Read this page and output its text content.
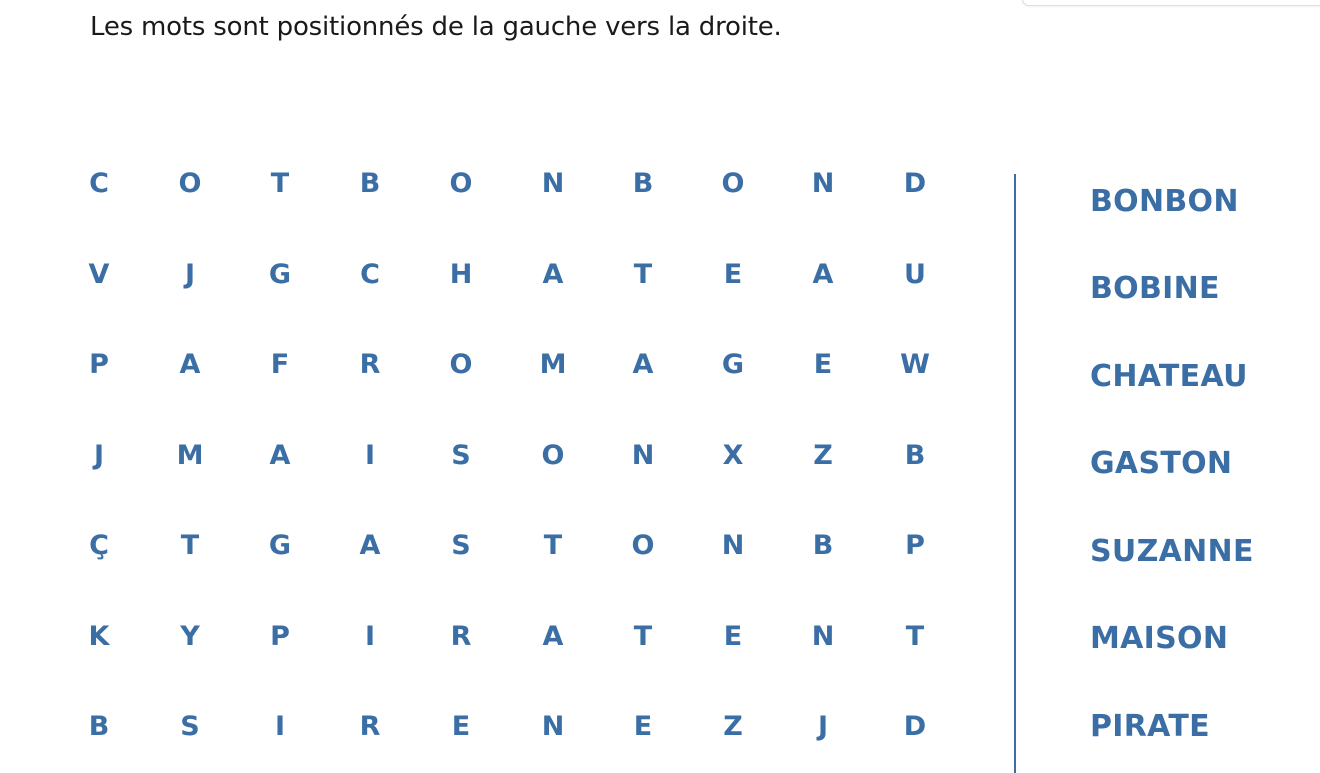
Les mots sont positionnés de la gauche vers la droite.
C	O	T	B	O	N	B	O	N	D
V	J	G	C	H	A	T	E	A	U
P	A	F	R	O	M	A	G	E	W
J	M	A	I	S	O	N	X	Z	B
Ç	T	G	A	S	T	O	N	B	P
K	Y	P	I	R	A	T	E	N	T
B	S	I	R	E	N	E	Z	J	D
BONBON
BOBINE
CHATEAU
GASTON
SUZANNE
MAISON
PIRATE
